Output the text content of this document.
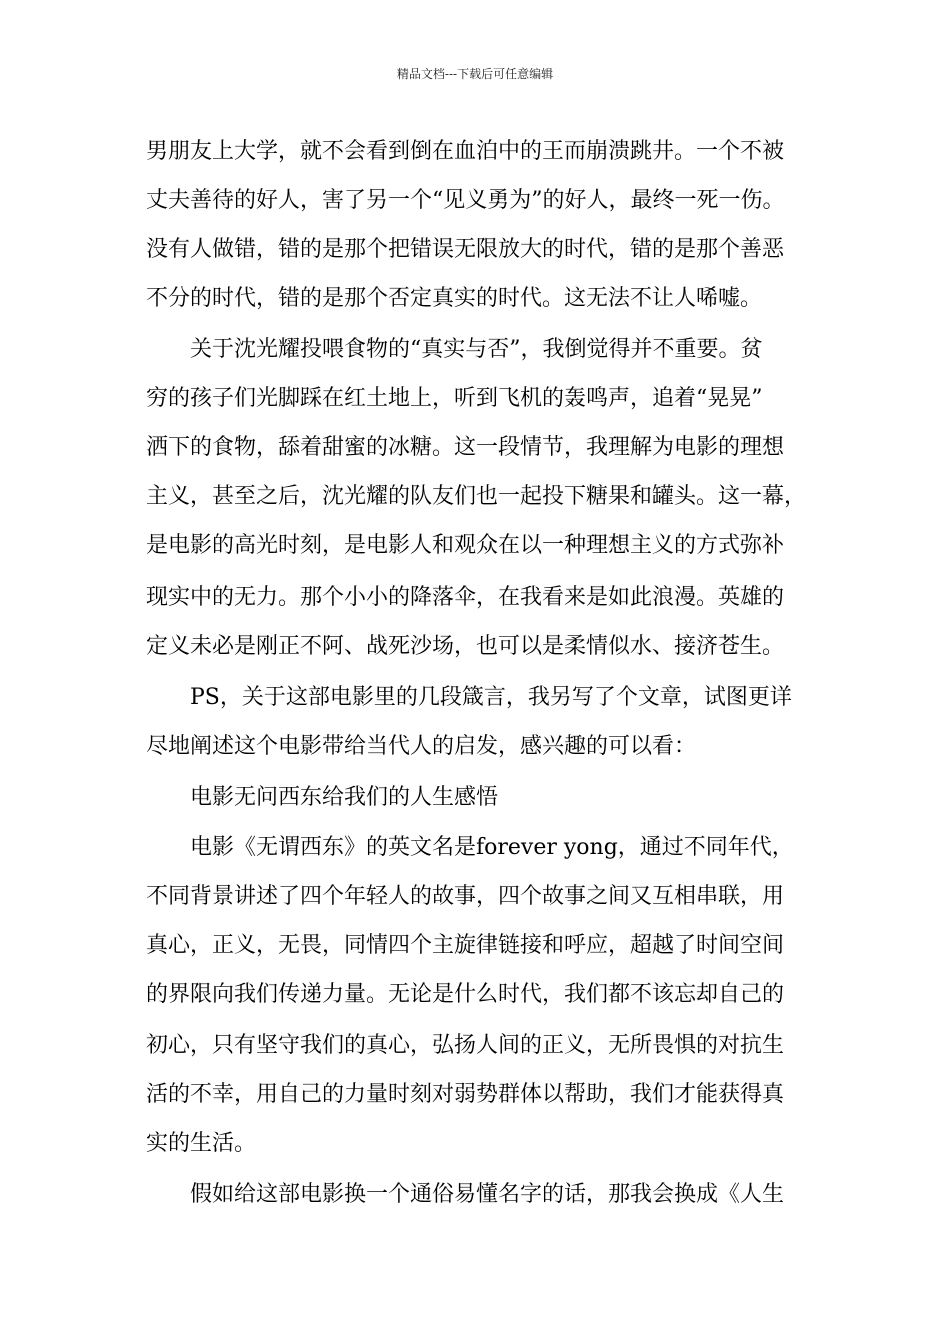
精品文档---下载后可任意编辑
男朋友上大学，就不会看到倒在血泊中的王而崩溃跳井。一个不被
丈夫善待的好人，害了另一个“见义勇为”的好人，最终一死一伤。
没有人做错，错的是那个把错误无限放大的时代，错的是那个善恶
不分的时代，错的是那个否定真实的时代。这无法不让人唏嘘。
关于沈光耀投喂食物的“真实与否”，我倒觉得并不重要。贫
穷的孩子们光脚踩在红土地上，听到飞机的轰鸣声，追着“晃晃”
洒下的食物，舔着甜蜜的冰糖。这一段情节，我理解为电影的理想
主义，甚至之后，沈光耀的队友们也一起投下糖果和罐头。这一幕，
是电影的高光时刻，是电影人和观众在以一种理想主义的方式弥补
现实中的无力。那个小小的降落伞，在我看来是如此浪漫。英雄的
定义未必是刚正不阿、战死沙场，也可以是柔情似水、接济苍生。
PS，关于这部电影里的几段箴言，我另写了个文章，试图更详
尽地阐述这个电影带给当代人的启发，感兴趣的可以看：
电影无问西东给我们的人生感悟
电影《无谓西东》的英文名是forever yong，通过不同年代，
不同背景讲述了四个年轻人的故事，四个故事之间又互相串联，用
真心，正义，无畏，同情四个主旋律链接和呼应，超越了时间空间
的界限向我们传递力量。无论是什么时代，我们都不该忘却自己的
初心，只有坚守我们的真心，弘扬人间的正义，无所畏惧的对抗生
活的不幸，用自己的力量时刻对弱势群体以帮助，我们才能获得真
实的生活。
假如给这部电影换一个通俗易懂名字的话，那我会换成《人生
